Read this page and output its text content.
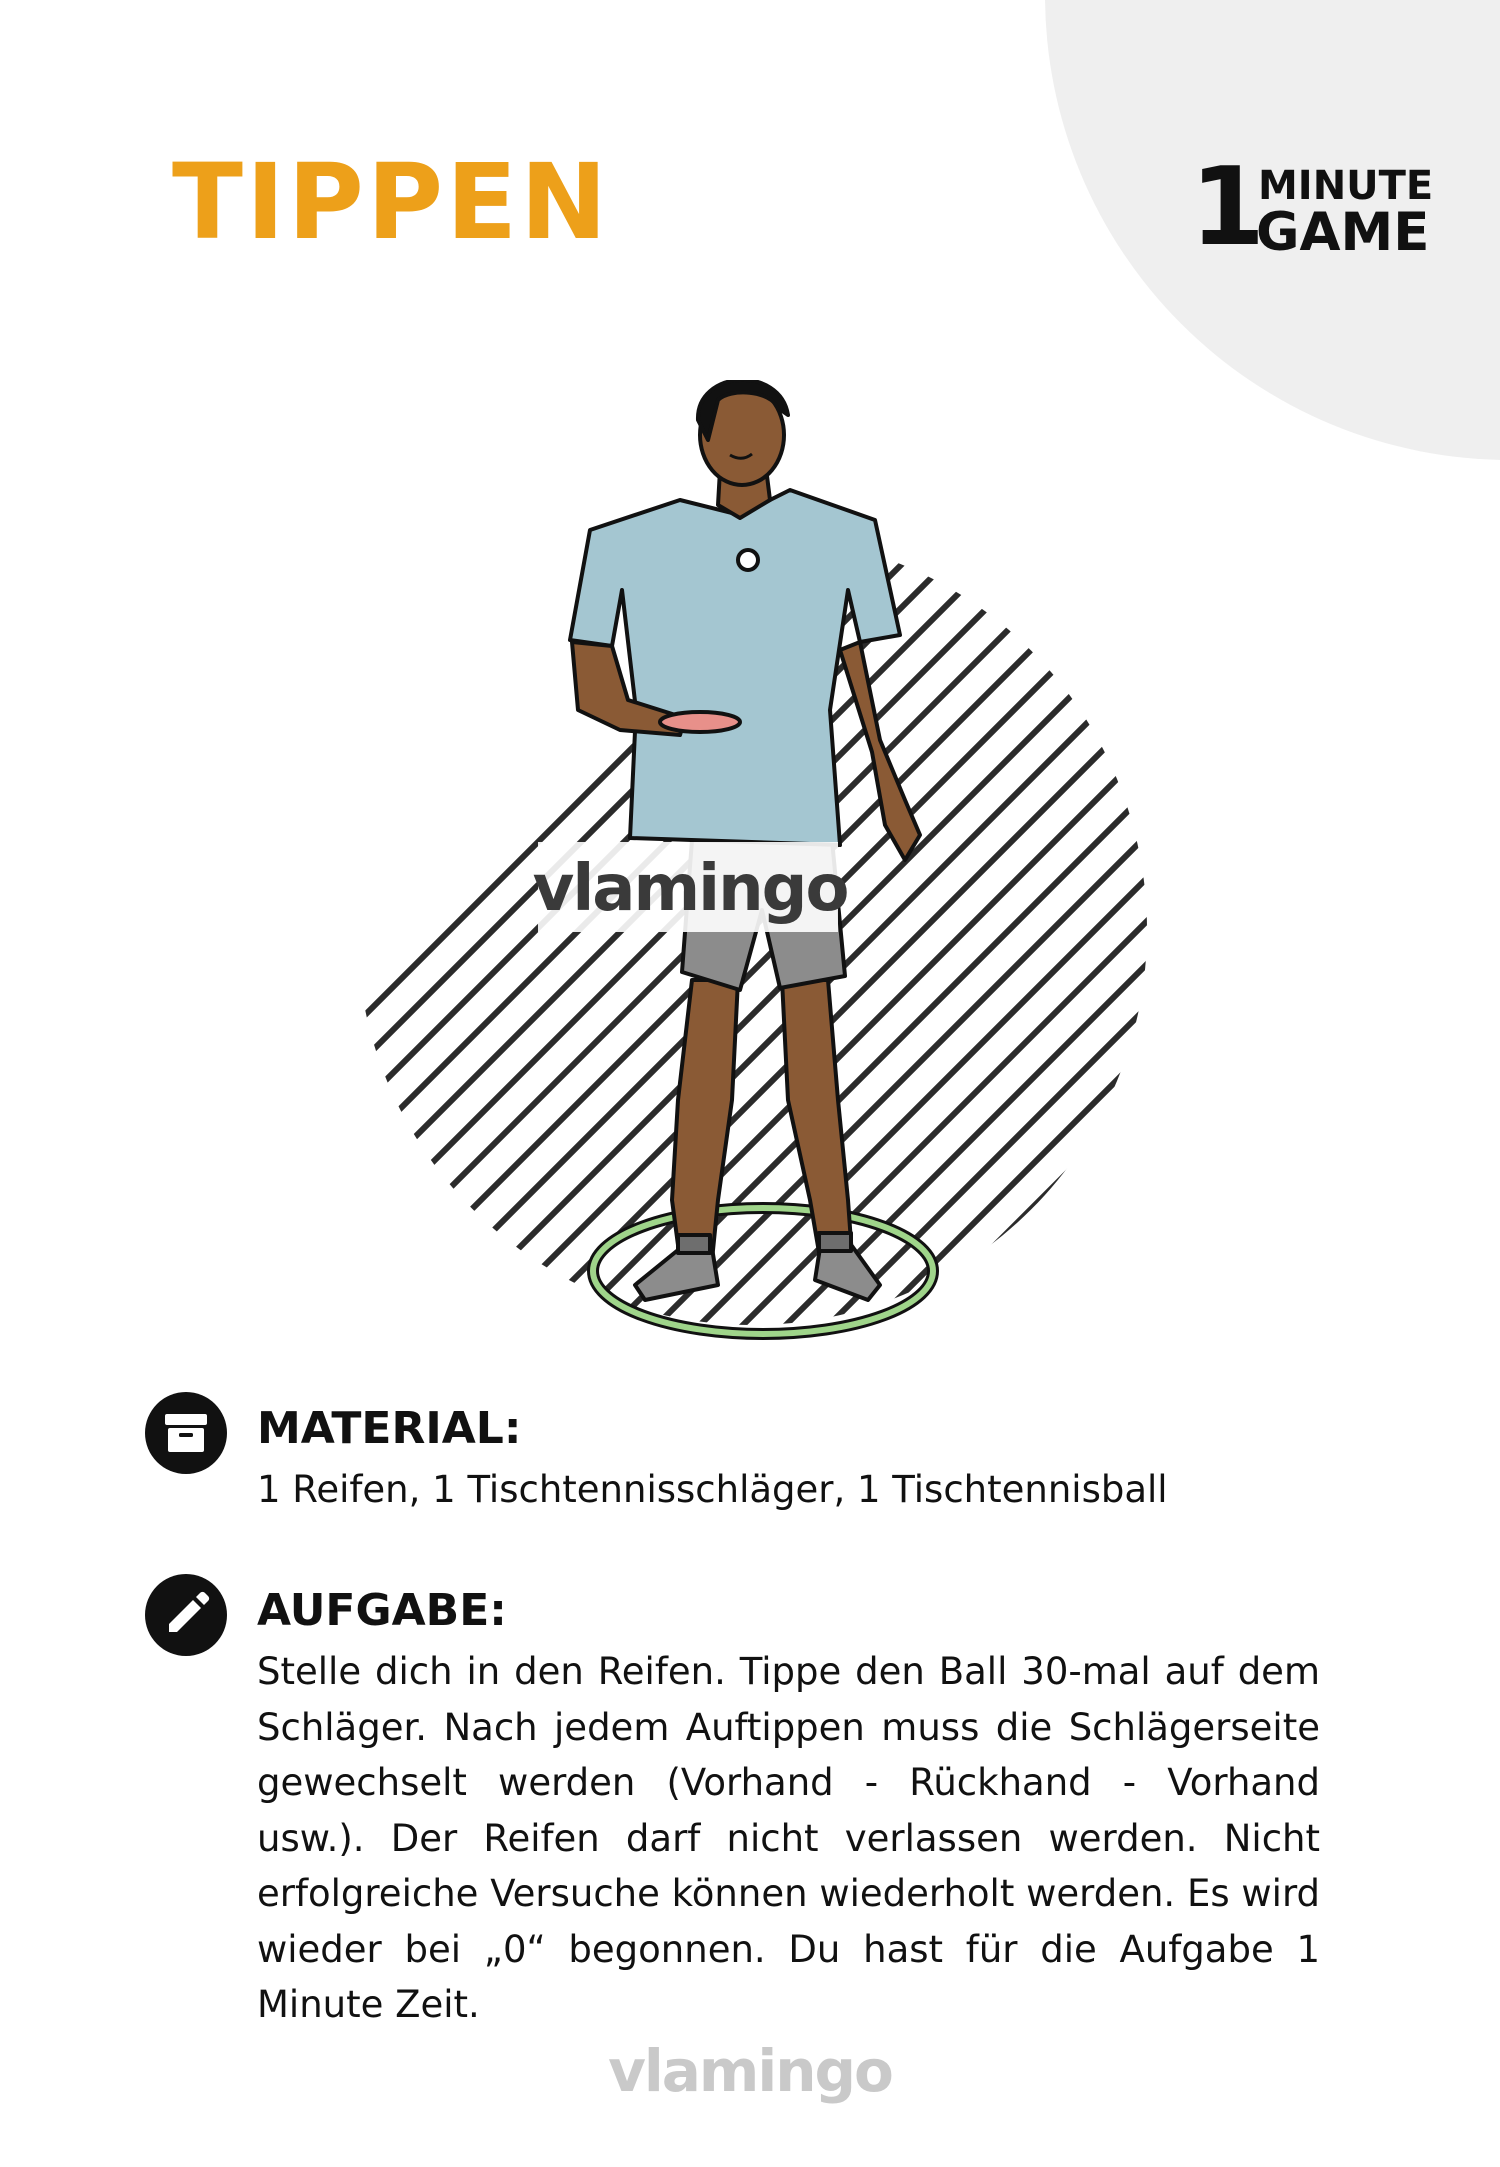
TIPPEN	1
MINUTE
GAME
vlamingo
MATERIAL:
1 Reifen, 1 Tischtennisschläger, 1 Tischtennisball
AUFGABE:
Stelle dich in den Reifen. Tippe den Ball 30-mal auf dem Schläger. Nach jedem Auftippen muss die Schlägerseite gewechselt werden (Vorhand - Rückhand - Vorhand usw.). Der Reifen darf nicht verlassen werden. Nicht erfolgreiche Versuche können wiederholt werden. Es wird wieder bei „0“ begonnen. Du hast für die Aufgabe 1 Minute Zeit.
vlamingo
